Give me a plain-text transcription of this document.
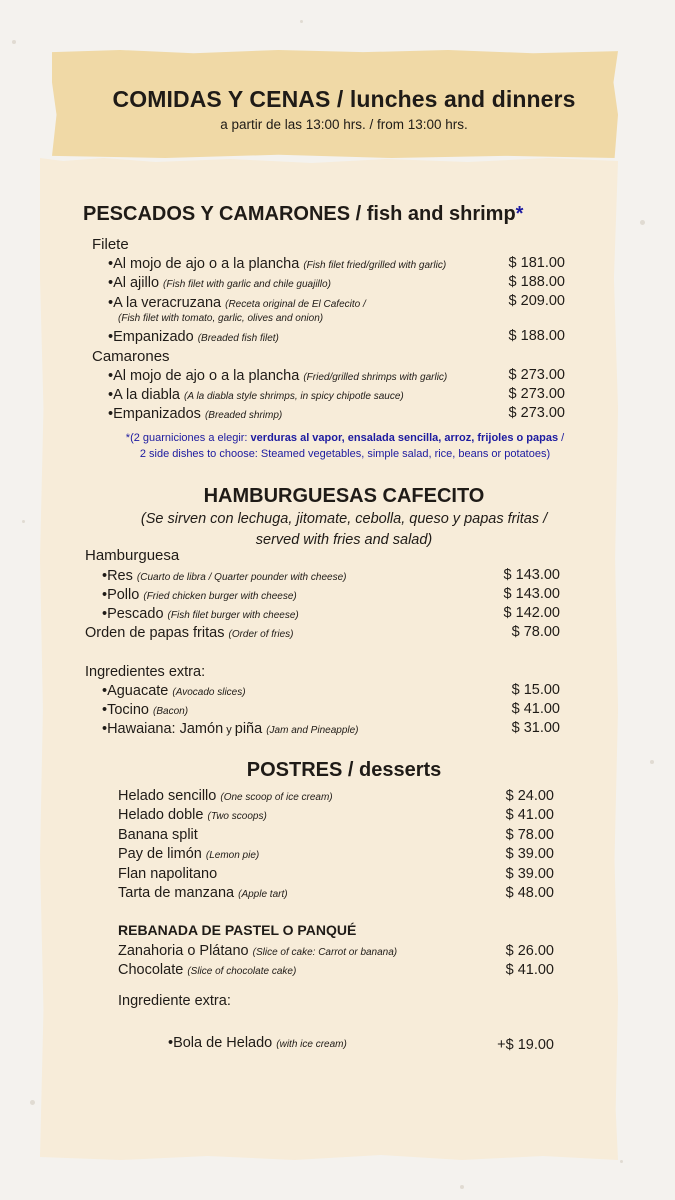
COMIDAS Y CENAS / lunches and dinners
a partir de las 13:00 hrs. / from 13:00 hrs.
PESCADOS Y CAMARONES / fish and shrimp*
Filete
•Al mojo de ajo o a la plancha (Fish filet fried/grilled with garlic)	$ 181.00
•Al ajillo (Fish filet with garlic and chile guajillo)	$ 188.00
•A la veracruzana (Receta original de El Cafecito /
(Fish filet with tomato, garlic, olives and onion)
$ 209.00
•Empanizado (Breaded fish filet)	$ 188.00
Camarones
•Al mojo de ajo o a la plancha (Fried/grilled shrimps with garlic)	$ 273.00
•A la diabla (A la diabla style shrimps, in spicy chipotle sauce)	$ 273.00
•Empanizados (Breaded shrimp)	$ 273.00
*(2 guarniciones a elegir: verduras al vapor, ensalada sencilla, arroz, frijoles o papas /
2 side dishes to choose: Steamed vegetables, simple salad, rice, beans or potatoes)
HAMBURGUESAS CAFECITO
(Se sirven con lechuga, jitomate, cebolla, queso y papas fritas /
served with fries and salad)
Hamburguesa
•Res (Cuarto de libra / Quarter pounder with cheese)	$ 143.00
•Pollo (Fried chicken burger with cheese)	$ 143.00
•Pescado (Fish filet burger with cheese)	$ 142.00
Orden de papas fritas (Order of fries)	$ 78.00
Ingredientes extra:
•Aguacate (Avocado slices)	$ 15.00
•Tocino (Bacon)	$ 41.00
•Hawaiana: Jamón y piña (Jam and Pineapple)	$ 31.00
POSTRES / desserts
Helado sencillo (One scoop of ice cream)	$ 24.00
Helado doble (Two scoops)	$ 41.00
Banana split	$ 78.00
Pay de limón (Lemon pie)	$ 39.00
Flan napolitano	$ 39.00
Tarta de manzana (Apple tart)	$ 48.00
REBANADA DE PASTEL O PANQUÉ
Zanahoria o Plátano (Slice of cake: Carrot or banana)	$ 26.00
Chocolate (Slice of chocolate cake)	$ 41.00
Ingrediente extra:
•Bola de Helado (with ice cream)	+$ 19.00
